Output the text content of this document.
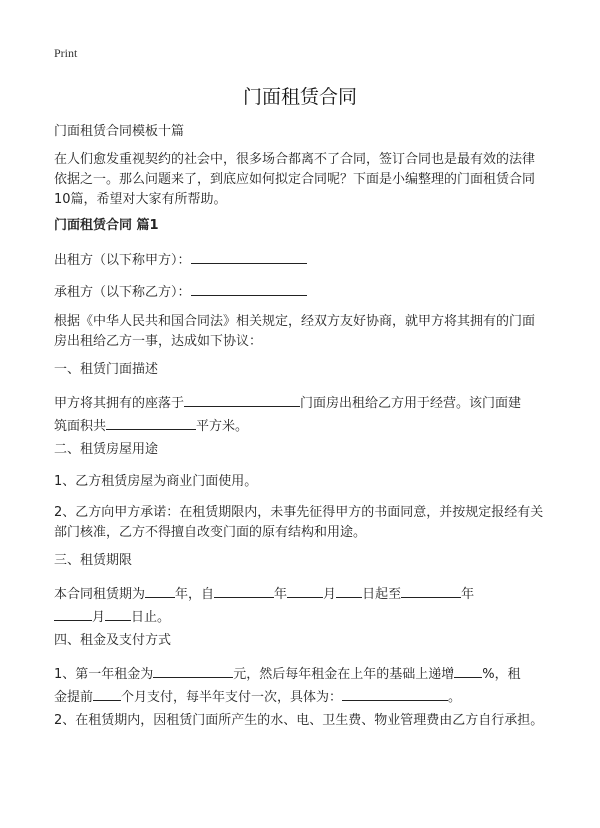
Print
门面租赁合同
门面租赁合同模板十篇
在人们愈发重视契约的社会中，很多场合都离不了合同，签订合同也是最有效的法律依据之一。那么问题来了，到底应如何拟定合同呢？下面是小编整理的门面租赁合同10篇，希望对大家有所帮助。
门面租赁合同 篇1
出租方（以下称甲方）：
承租方（以下称乙方）：
根据《中华人民共和国合同法》相关规定，经双方友好协商，就甲方将其拥有的门面房出租给乙方一事，达成如下协议：
一、租赁门面描述
甲方将其拥有的座落于	门面房出租给乙方用于经营。该门面建
筑面积共	平方米。
二、租赁房屋用途
1、乙方租赁房屋为商业门面使用。
2、乙方向甲方承诺：在租赁期限内，未事先征得甲方的书面同意，并按规定报经有关部门核准，乙方不得擅自改变门面的原有结构和用途。
三、租赁期限
本合同租赁期为 年，自	年	月 日起至	年
月 日止。
四、租金及支付方式
1、第一年租金为	元，然后每年租金在上年的基础上递增 %，租
金提前 个月支付，每半年支付一次，具体为：	。
2、在租赁期内，因租赁门面所产生的水、电、卫生费、物业管理费由乙方自行承担。
